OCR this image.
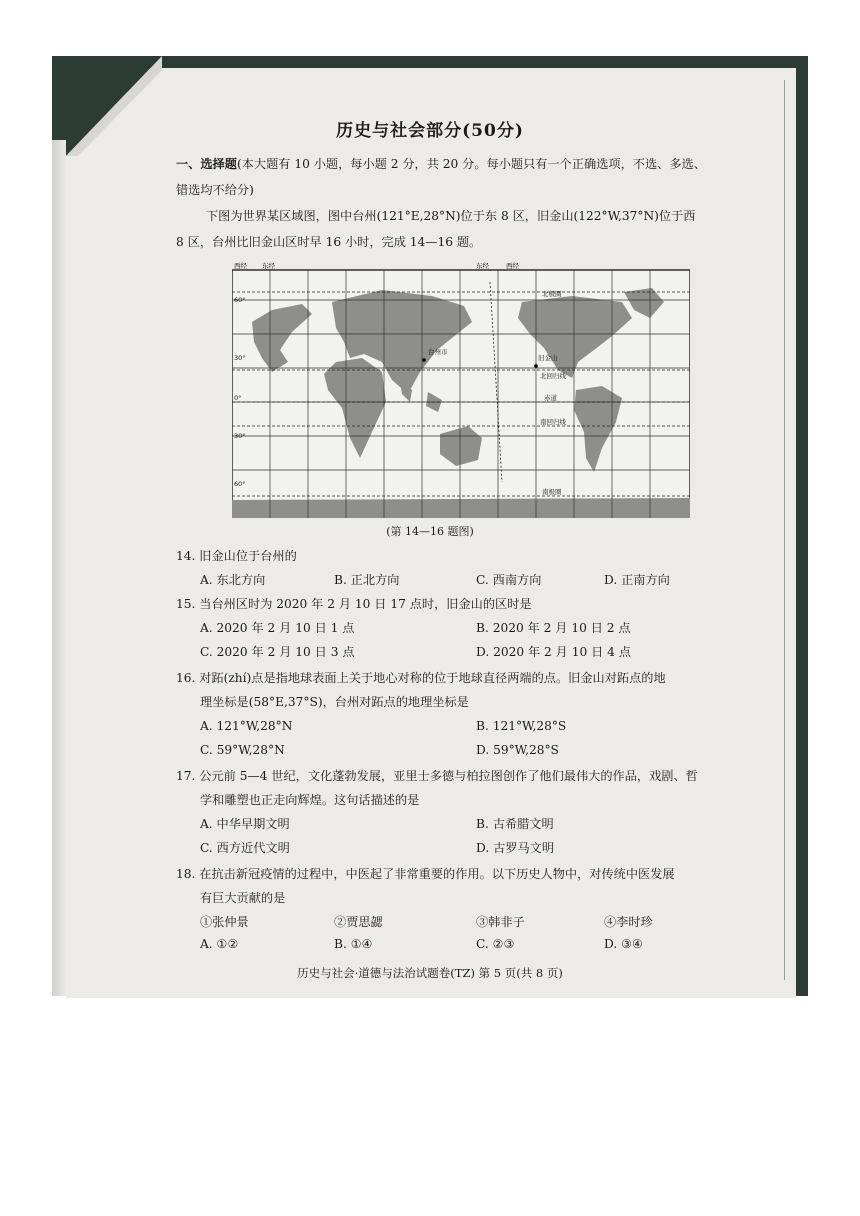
历史与社会部分(50分)
一、选择题(本大题有 10 小题，每小题 2 分，共 20 分。每小题只有一个正确选项，不选、多选、
错选均不给分)
下图为世界某区域图，图中台州(121°E,28°N)位于东 8 区，旧金山(122°W,37°N)位于西
8 区，台州比旧金山区时早 16 小时，完成 14—16 题。
西经 东经	东经	西经
60°
30°
0°
30°
60°
台州市
旧金山
北极圈
北回归线
赤道
南回归线
南极圈
(第 14—16 题图)
14. 旧金山位于台州的
A. 东北方向	B. 正北方向	C. 西南方向	D. 正南方向
15. 当台州区时为 2020 年 2 月 10 日 17 点时，旧金山的区时是
A. 2020 年 2 月 10 日 1 点	B. 2020 年 2 月 10 日 2 点
C. 2020 年 2 月 10 日 3 点	D. 2020 年 2 月 10 日 4 点
16. 对跖(zhí)点是指地球表面上关于地心对称的位于地球直径两端的点。旧金山对跖点的地
理坐标是(58°E,37°S)，台州对跖点的地理坐标是
A. 121°W,28°N	B. 121°W,28°S
C. 59°W,28°N	D. 59°W,28°S
17. 公元前 5—4 世纪，文化蓬勃发展，亚里士多德与柏拉图创作了他们最伟大的作品，戏剧、哲
学和雕塑也正走向辉煌。这句话描述的是
A. 中华早期文明	B. 古希腊文明
C. 西方近代文明	D. 古罗马文明
18. 在抗击新冠疫情的过程中，中医起了非常重要的作用。以下历史人物中，对传统中医发展
有巨大贡献的是
①张仲景	②贾思勰	③韩非子	④李时珍
A. ①②	B. ①④	C. ②③	D. ③④
历史与社会·道德与法治试题卷(TZ) 第 5 页(共 8 页)
